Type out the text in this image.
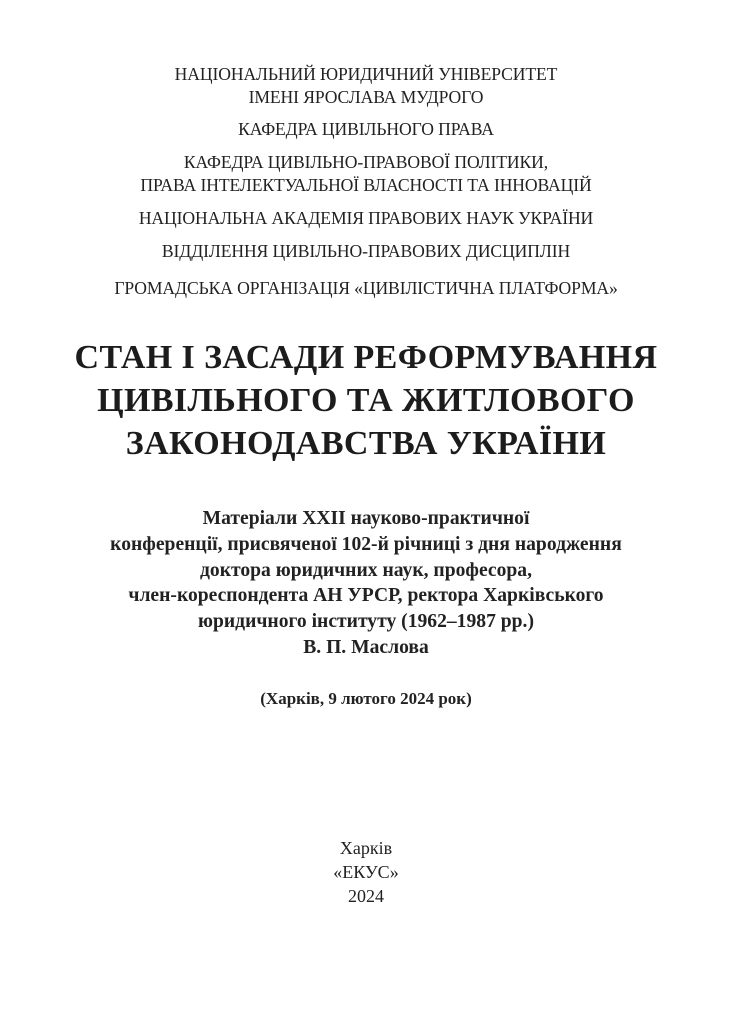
НАЦІОНАЛЬНИЙ ЮРИДИЧНИЙ УНІВЕРСИТЕТ
ІМЕНІ ЯРОСЛАВА МУДРОГО
КАФЕДРА ЦИВІЛЬНОГО ПРАВА
КАФЕДРА ЦИВІЛЬНО-ПРАВОВОЇ ПОЛІТИКИ,
ПРАВА ІНТЕЛЕКТУАЛЬНОЇ ВЛАСНОСТІ ТА ІННОВАЦІЙ
НАЦІОНАЛЬНА АКАДЕМІЯ ПРАВОВИХ НАУК УКРАЇНИ
ВІДДІЛЕННЯ ЦИВІЛЬНО-ПРАВОВИХ ДИСЦИПЛІН
ГРОМАДСЬКА ОРГАНІЗАЦІЯ «ЦИВІЛІСТИЧНА ПЛАТФОРМА»
СТАН І ЗАСАДИ РЕФОРМУВАННЯ
ЦИВІЛЬНОГО ТА ЖИТЛОВОГО
ЗАКОНОДАВСТВА УКРАЇНИ
Матеріали XXII науково-практичної
конференції, присвяченої 102-й річниці з дня народження
доктора юридичних наук, професора,
член-кореспондента АН УРСР, ректора Харківського
юридичного інституту (1962–1987 рр.)
В. П. Маслова
(Харків, 9 лютого 2024 рок)
Харків
«ЕКУС»
2024
